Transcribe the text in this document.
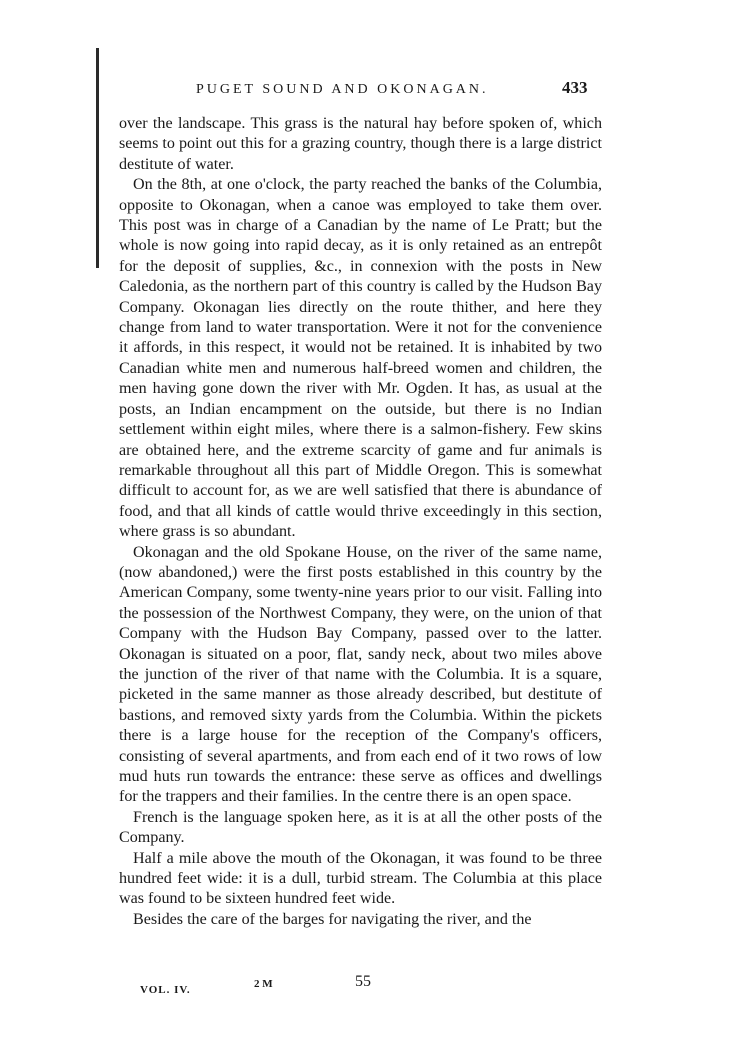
PUGET SOUND AND OKONAGAN.	433

over the landscape. This grass is the natural hay before spoken of, which seems to point out this for a grazing country, though there is a large district destitute of water.

On the 8th, at one o'clock, the party reached the banks of the Columbia, opposite to Okonagan, when a canoe was employed to take them over. This post was in charge of a Canadian by the name of Le Pratt; but the whole is now going into rapid decay, as it is only retained as an entrepôt for the deposit of supplies, &c., in connexion with the posts in New Caledonia, as the northern part of this country is called by the Hudson Bay Company. Okonagan lies directly on the route thither, and here they change from land to water transportation. Were it not for the convenience it affords, in this respect, it would not be retained. It is inhabited by two Canadian white men and numerous half-breed women and children, the men having gone down the river with Mr. Ogden. It has, as usual at the posts, an Indian encampment on the outside, but there is no Indian settlement within eight miles, where there is a salmon-fishery. Few skins are obtained here, and the extreme scarcity of game and fur animals is remarkable throughout all this part of Middle Oregon. This is somewhat difficult to account for, as we are well satisfied that there is abundance of food, and that all kinds of cattle would thrive exceedingly in this section, where grass is so abundant.

Okonagan and the old Spokane House, on the river of the same name, (now abandoned,) were the first posts established in this country by the American Company, some twenty-nine years prior to our visit. Falling into the possession of the Northwest Company, they were, on the union of that Company with the Hudson Bay Company, passed over to the latter. Okonagan is situated on a poor, flat, sandy neck, about two miles above the junction of the river of that name with the Columbia. It is a square, picketed in the same manner as those already described, but destitute of bastions, and removed sixty yards from the Columbia. Within the pickets there is a large house for the reception of the Company's officers, consisting of several apartments, and from each end of it two rows of low mud huts run towards the entrance: these serve as offices and dwellings for the trappers and their families. In the centre there is an open space.

French is the language spoken here, as it is at all the other posts of the Company.

Half a mile above the mouth of the Okonagan, it was found to be three hundred feet wide: it is a dull, turbid stream. The Columbia at this place was found to be sixteen hundred feet wide.

Besides the care of the barges for navigating the river, and the

VOL. IV.	2 M	55
